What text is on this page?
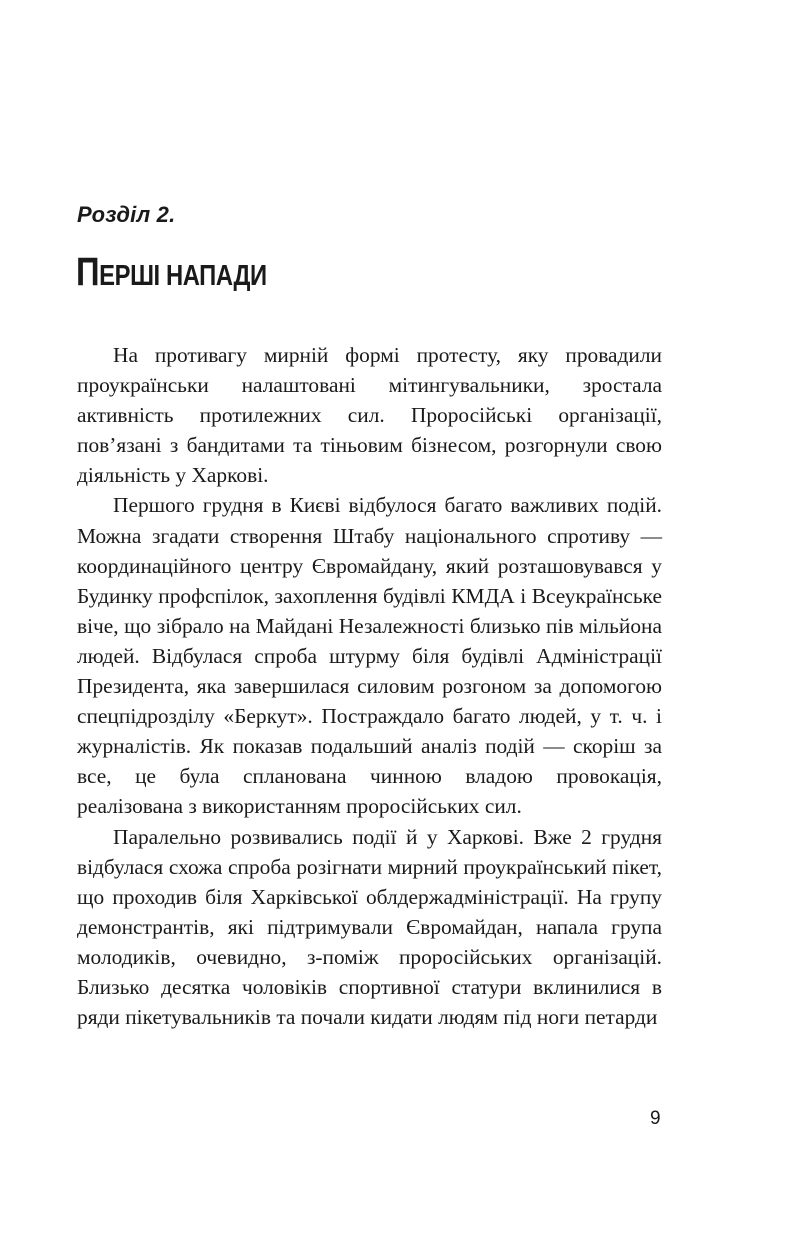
Розділ 2.

ПЕРШІ НАПАДИ

На противагу мирній формі протесту, яку провадили проукраїнськи налаштовані мітингувальники, зростала активність протилежних сил. Проросійські організації, пов’язані з бандитами та тіньовим бізнесом, розгорнули свою діяльність у Харкові.

Першого грудня в Києві відбулося багато важливих подій. Можна згадати створення Штабу національного спротиву — координаційного центру Євромайдану, який розташовувався у Будинку профспілок, захоплення будівлі КМДА і Всеукраїнське віче, що зібрало на Майдані Незалежності близько пів мільйона людей. Відбулася спроба штурму біля будівлі Адміністрації Президента, яка завершилася силовим розгоном за допомогою спецпідрозділу «Беркут». Постраждало багато людей, у т. ч. і журналістів. Як показав подальший аналіз подій — скоріш за все, це була спланована чинною владою провокація, реалізована з використанням проросійських сил.

Паралельно розвивались події й у Харкові. Вже 2 грудня відбулася схожа спроба розігнати мирний проукраїнський пікет, що проходив біля Харківської облдержадміністрації. На групу демонстрантів, які підтримували Євромайдан, напала група молодиків, очевидно, з-поміж проросійських організацій. Близько десятка чоловіків спортивної статури вклинилися в ряди пікетувальників та почали кидати людям під ноги петарди

9
